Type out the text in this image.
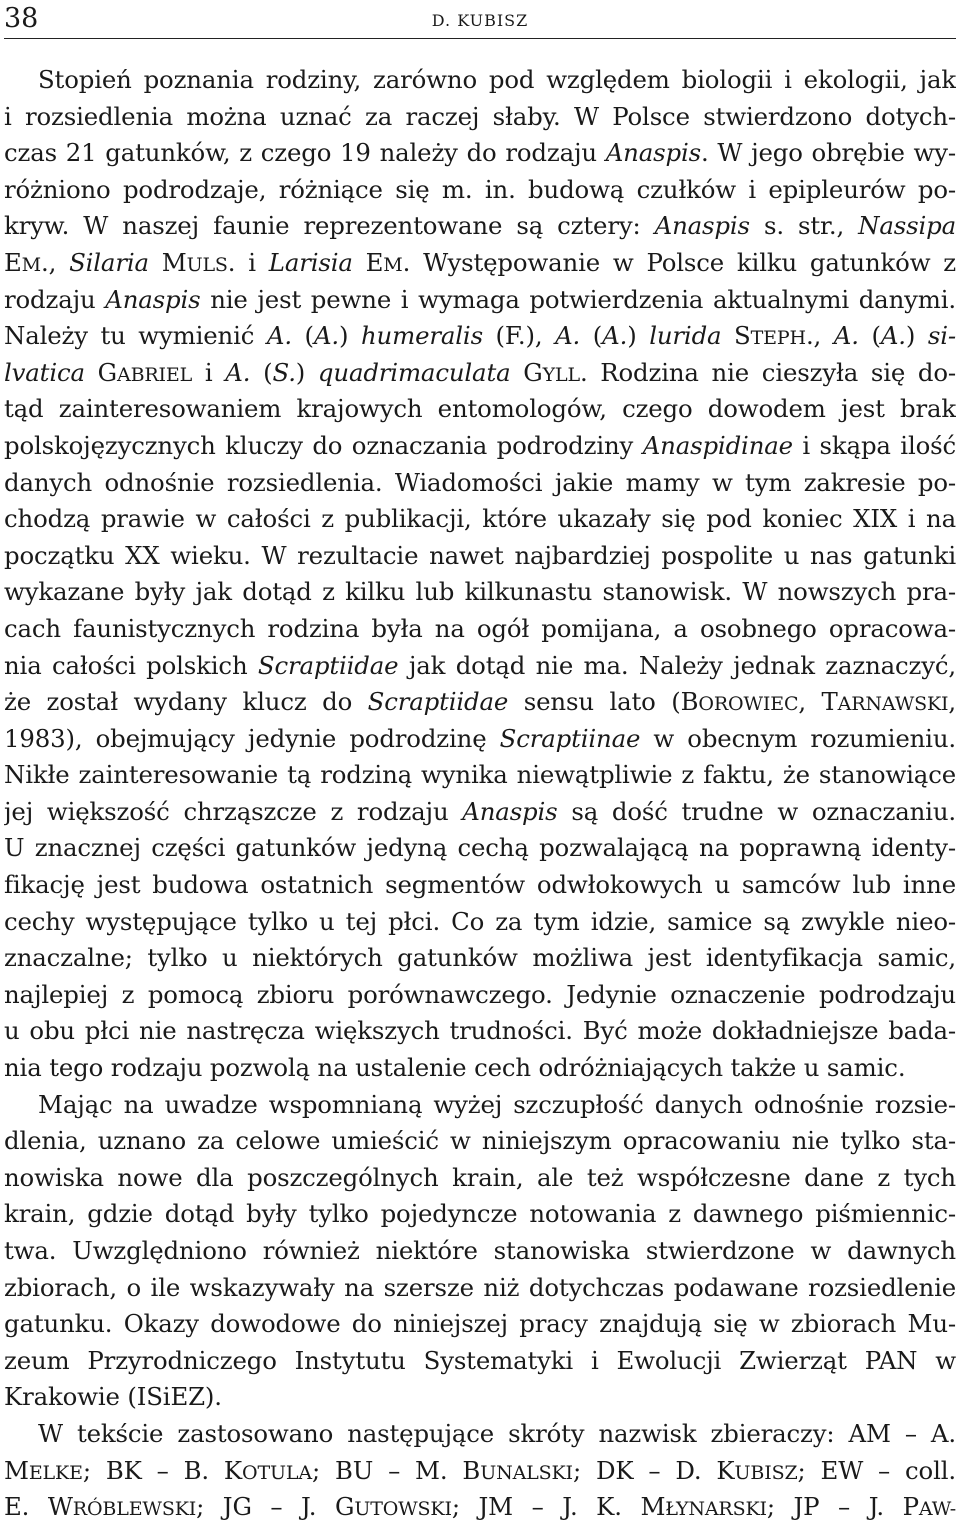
38	D. KUBISZ
Stopień poznania rodziny, zarówno pod względem biologii i ekologii, jak
i rozsiedlenia można uznać za raczej słaby. W Polsce stwierdzono dotych-
czas 21 gatunków, z czego 19 należy do rodzaju Anaspis. W jego obrębie wy-
różniono podrodzaje, różniące się m. in. budową czułków i epipleurów po-
kryw. W naszej faunie reprezentowane są cztery: Anaspis s. str., Nassipa
EM., Silaria MULS. i Larisia EM. Występowanie w Polsce kilku gatunków z
rodzaju Anaspis nie jest pewne i wymaga potwierdzenia aktualnymi danymi.
Należy tu wymienić A. (A.) humeralis (F.), A. (A.) lurida STEPH., A. (A.) si-
lvatica GABRIEL i A. (S.) quadrimaculata GYLL. Rodzina nie cieszyła się do-
tąd zainteresowaniem krajowych entomologów, czego dowodem jest brak
polskojęzycznych kluczy do oznaczania podrodziny Anaspidinae i skąpa ilość
danych odnośnie rozsiedlenia. Wiadomości jakie mamy w tym zakresie po-
chodzą prawie w całości z publikacji, które ukazały się pod koniec XIX i na
początku XX wieku. W rezultacie nawet najbardziej pospolite u nas gatunki
wykazane były jak dotąd z kilku lub kilkunastu stanowisk. W nowszych pra-
cach faunistycznych rodzina była na ogół pomijana, a osobnego opracowa-
nia całości polskich Scraptiidae jak dotąd nie ma. Należy jednak zaznaczyć,
że został wydany klucz do Scraptiidae sensu lato (BOROWIEC, TARNAWSKI,
1983), obejmujący jedynie podrodzinę Scraptiinae w obecnym rozumieniu.
Nikłe zainteresowanie tą rodziną wynika niewątpliwie z faktu, że stanowiące
jej większość chrząszcze z rodzaju Anaspis są dość trudne w oznaczaniu.
U znacznej części gatunków jedyną cechą pozwalającą na poprawną identy-
fikację jest budowa ostatnich segmentów odwłokowych u samców lub inne
cechy występujące tylko u tej płci. Co za tym idzie, samice są zwykle nieo-
znaczalne; tylko u niektórych gatunków możliwa jest identyfikacja samic,
najlepiej z pomocą zbioru porównawczego. Jedynie oznaczenie podrodzaju
u obu płci nie nastręcza większych trudności. Być może dokładniejsze bada-
nia tego rodzaju pozwolą na ustalenie cech odróżniających także u samic.
Mając na uwadze wspomnianą wyżej szczupłość danych odnośnie rozsie-
dlenia, uznano za celowe umieścić w niniejszym opracowaniu nie tylko sta-
nowiska nowe dla poszczególnych krain, ale też współczesne dane z tych
krain, gdzie dotąd były tylko pojedyncze notowania z dawnego piśmiennic-
twa. Uwzględniono również niektóre stanowiska stwierdzone w dawnych
zbiorach, o ile wskazywały na szersze niż dotychczas podawane rozsiedlenie
gatunku. Okazy dowodowe do niniejszej pracy znajdują się w zbiorach Mu-
zeum Przyrodniczego Instytutu Systematyki i Ewolucji Zwierząt PAN w
Krakowie (ISiEZ).
W tekście zastosowano następujące skróty nazwisk zbieraczy: AM – A.
MELKE; BK – B. KOTULA; BU – M. BUNALSKI; DK – D. KUBISZ; EW – coll.
E. WRÓBLEWSKI; JG – J. GUTOWSKI; JM – J. K. MŁYNARSKI; JP – J. PAW-
